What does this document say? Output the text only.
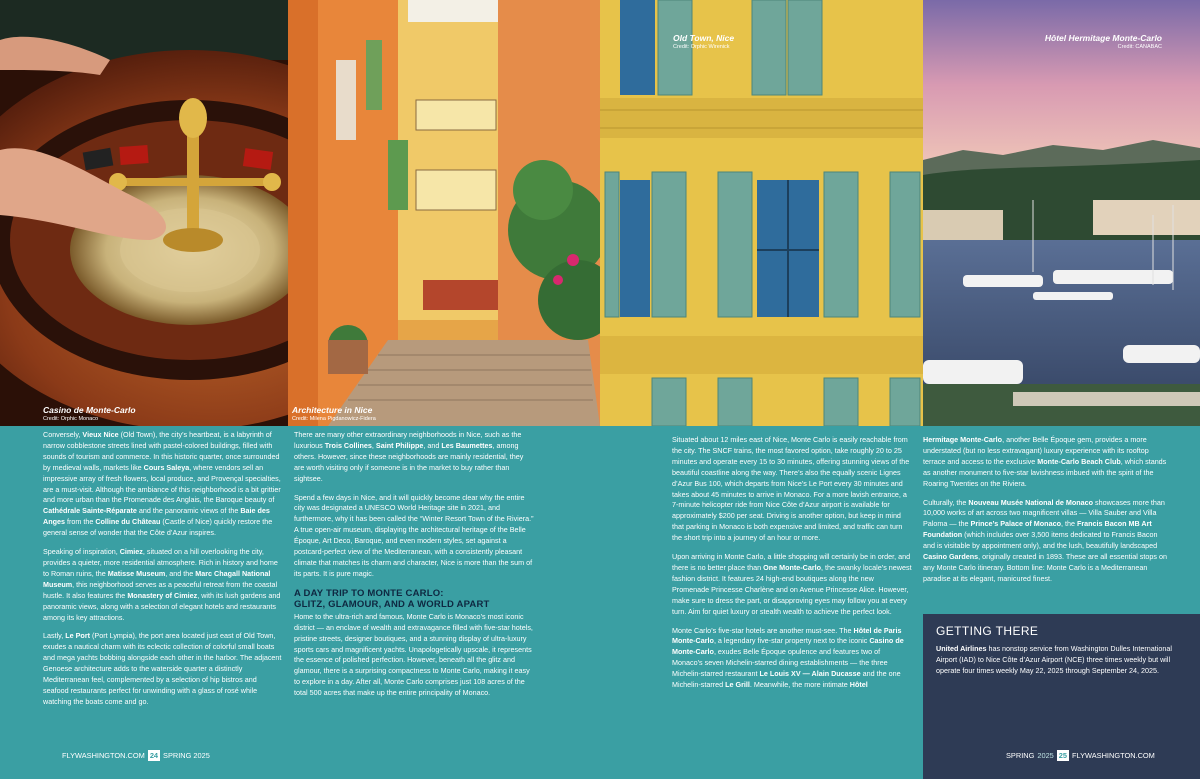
Casino de Monte-Carlo
Credit: Orphic Monaco
Architecture in Nice
Credit: Milena Pigdanowicz-Fidera
Old Town, Nice
Credit: Orphic Wirenick
Hôtel Hermitage Monte-Carlo
Credit: CANABAC

Conversely, Vieux Nice (Old Town), the city’s heartbeat, is a labyrinth of narrow cobblestone streets lined with pastel-colored buildings, filled with sounds of tourism and commerce. In this historic quarter, once surrounded by medieval walls, markets like Cours Saleya, where vendors sell an impressive array of fresh flowers, local produce, and Provençal specialties, are a must-visit. Although the ambiance of this neighborhood is a bit grittier and more urban than the Promenade des Anglais, the Baroque beauty of Cathédrale Sainte-Réparate and the panoramic views of the Baie des Anges from the Colline du Château (Castle of Nice) quickly restore the general sense of wonder that the Côte d’Azur inspires.

Speaking of inspiration, Cimiez, situated on a hill overlooking the city, provides a quieter, more residential atmosphere. Rich in history and home to Roman ruins, the Matisse Museum, and the Marc Chagall National Museum, this neighborhood serves as a peaceful retreat from the coastal hustle. It also features the Monastery of Cimiez, with its lush gardens and panoramic views, along with a selection of elegant hotels and restaurants among its key attractions.

Lastly, Le Port (Port Lympia), the port area located just east of Old Town, exudes a nautical charm with its eclectic collection of colorful small boats and mega yachts bobbing alongside each other in the harbor. The adjacent Genoese architecture adds to the waterside quarter a distinctly Mediterranean feel, complemented by a selection of hip bistros and seafood restaurants perfect for unwinding with a glass of rosé while watching the boats come and go.

There are many other extraordinary neighborhoods in Nice, such as the luxurious Trois Collines, Saint Philippe, and Les Baumettes, among others. However, since these neighborhoods are mainly residential, they are worth visiting only if someone is in the market to buy rather than sightsee.

Spend a few days in Nice, and it will quickly become clear why the entire city was designated a UNESCO World Heritage site in 2021, and furthermore, why it has been called the “Winter Resort Town of the Riviera.” A true open-air museum, displaying the architectural heritage of the Belle Époque, Art Deco, Baroque, and even modern styles, set against a postcard-perfect view of the Mediterranean, with a consistently pleasant climate that matches its charm and character, Nice is more than the sum of its parts. It is pure magic.

A DAY TRIP TO MONTE CARLO:
GLITZ, GLAMOUR, AND A WORLD APART

Home to the ultra-rich and famous, Monte Carlo is Monaco’s most iconic district — an enclave of wealth and extravagance filled with five-star hotels, pristine streets, designer boutiques, and a stunning display of ultra-luxury sports cars and magnificent yachts. Unapologetically upscale, it represents the essence of polished perfection. However, beneath all the glitz and glamour, there is a surprising compactness to Monte Carlo, making it easy to explore in a day. After all, Monte Carlo comprises just 108 acres of the total 500 acres that make up the entire principality of Monaco.

Situated about 12 miles east of Nice, Monte Carlo is easily reachable from the city. The SNCF trains, the most favored option, take roughly 20 to 25 minutes and operate every 15 to 30 minutes, offering stunning views of the beautiful coastline along the way. There’s also the equally scenic Lignes d’Azur Bus 100, which departs from Nice’s Le Port every 30 minutes and takes about 45 minutes to arrive in Monaco. For a more lavish entrance, a 7-minute helicopter ride from Nice Côte d’Azur airport is available for approximately $200 per seat. Driving is another option, but keep in mind that parking in Monaco is both expensive and limited, and traffic can turn the short trip into a journey of an hour or more.

Upon arriving in Monte Carlo, a little shopping will certainly be in order, and there is no better place than One Monte-Carlo, the swanky locale’s newest fashion district. It features 24 high-end boutiques along the new Promenade Princesse Charlène and on Avenue Princesse Alice. However, make sure to dress the part, or disapproving eyes may follow you at every turn. Aim for quiet luxury or stealth wealth to achieve the perfect look.

Monte Carlo’s five-star hotels are another must-see. The Hôtel de Paris Monte-Carlo, a legendary five-star property next to the iconic Casino de Monte-Carlo, exudes Belle Époque opulence and features two of Monaco’s seven Michelin-starred dining establishments — the three Michelin-starred restaurant Le Louis XV — Alain Ducasse and the one Michelin-starred Le Grill. Meanwhile, the more intimate Hôtel

Hermitage Monte-Carlo, another Belle Époque gem, provides a more understated (but no less extravagant) luxury experience with its rooftop terrace and access to the exclusive Monte-Carlo Beach Club, which stands as another monument to five-star lavishness imbued with the spirit of the Roaring Twenties on the Riviera.

Culturally, the Nouveau Musée National de Monaco showcases more than 10,000 works of art across two magnificent villas — Villa Sauber and Villa Paloma — the Prince’s Palace of Monaco, the Francis Bacon MB Art Foundation (which includes over 3,500 items dedicated to Francis Bacon and is visitable by appointment only), and the lush, beautifully landscaped Casino Gardens, originally created in 1893. These are all essential stops on any Monte Carlo itinerary. Bottom line: Monte Carlo is a Mediterranean paradise at its elegant, manicured finest.

GETTING THERE

United Airlines has nonstop service from Washington Dulles International Airport (IAD) to Nice Côte d’Azur Airport (NCE) three times weekly but will operate four times weekly May 22, 2025 through September 24, 2025.

FLYWASHINGTON.COM 24 SPRING 2025	SPRING 2025 25 FLYWASHINGTON.COM
